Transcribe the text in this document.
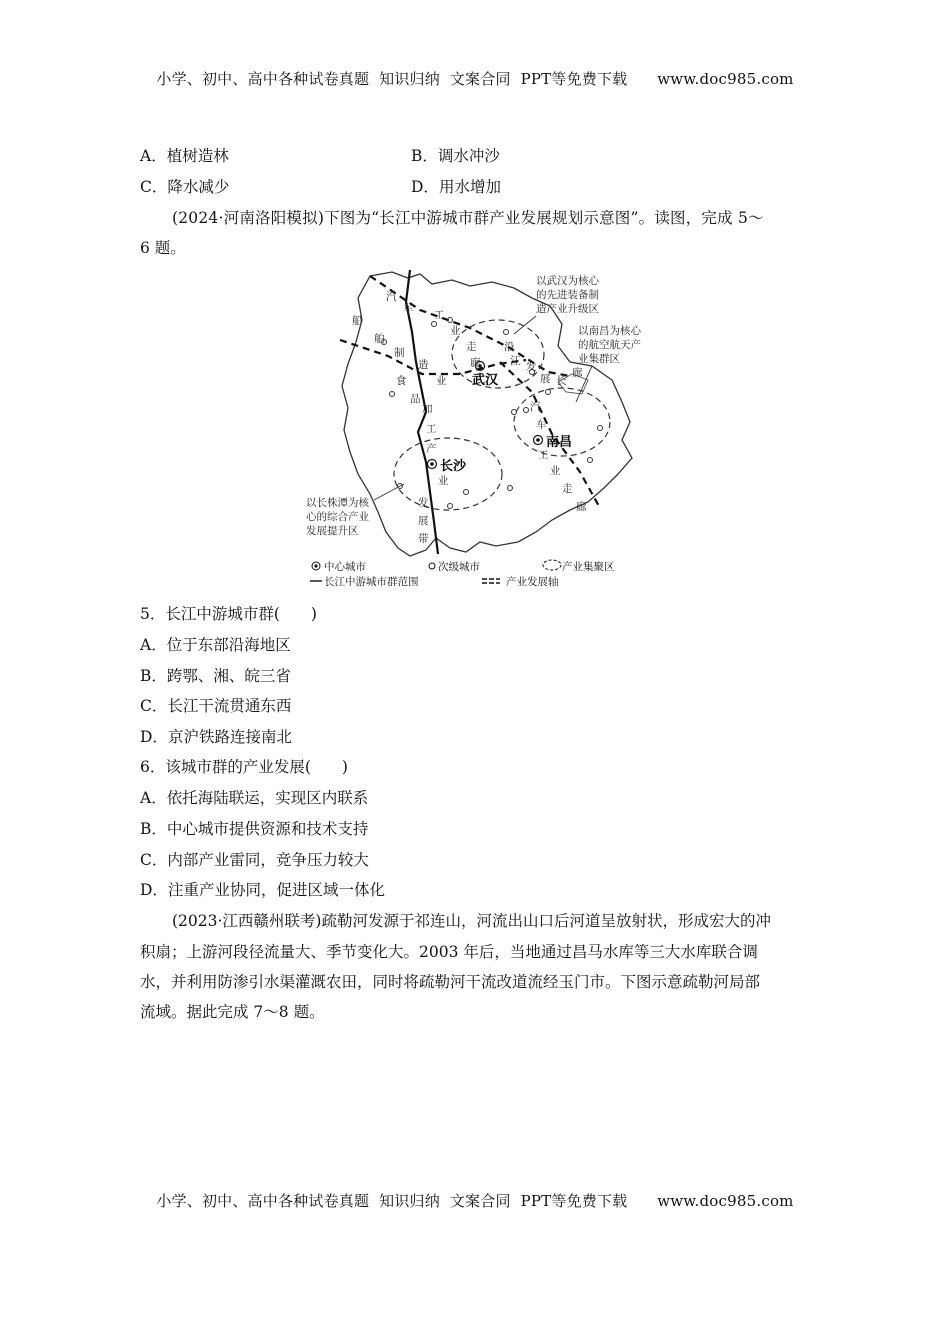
小学、初中、高中各种试卷真题  知识归纳  文案合同  PPT等免费下载 www.doc985.com
A．植树造林	B．调水冲沙
C．降水减少	D．用水增加
(2024·河南洛阳模拟)下图为“长江中游城市群产业发展规划示意图”。读图，完成 5～
6 题。
武汉
南昌
长沙
汽
车 工
业
走
廊
船
舶
制
造
业
沿
江 发
展 长
廊
食
品
加
工
产
业
发
展
带
汽
车
工
业
走
廊
以武汉为核心
的先进装备制
造产业升级区
以南昌为核心
的航空航天产
业集群区
以长株潭为核
心的综合产业
发展提升区
中心城市	次级城市	产业集聚区
长江中游城市群范围	产业发展轴
5．长江中游城市群(　　)
A．位于东部沿海地区
B．跨鄂、湘、皖三省
C．长江干流贯通东西
D．京沪铁路连接南北
6．该城市群的产业发展(　　)
A．依托海陆联运，实现区内联系
B．中心城市提供资源和技术支持
C．内部产业雷同，竞争压力较大
D．注重产业协同，促进区域一体化
(2023·江西赣州联考)疏勒河发源于祁连山，河流出山口后河道呈放射状，形成宏大的冲
积扇；上游河段径流量大、季节变化大。2003 年后，当地通过昌马水库等三大水库联合调
水，并利用防渗引水渠灌溉农田，同时将疏勒河干流改道流经玉门市。下图示意疏勒河局部
流域。据此完成 7～8 题。
小学、初中、高中各种试卷真题  知识归纳  文案合同  PPT等免费下载 www.doc985.com
